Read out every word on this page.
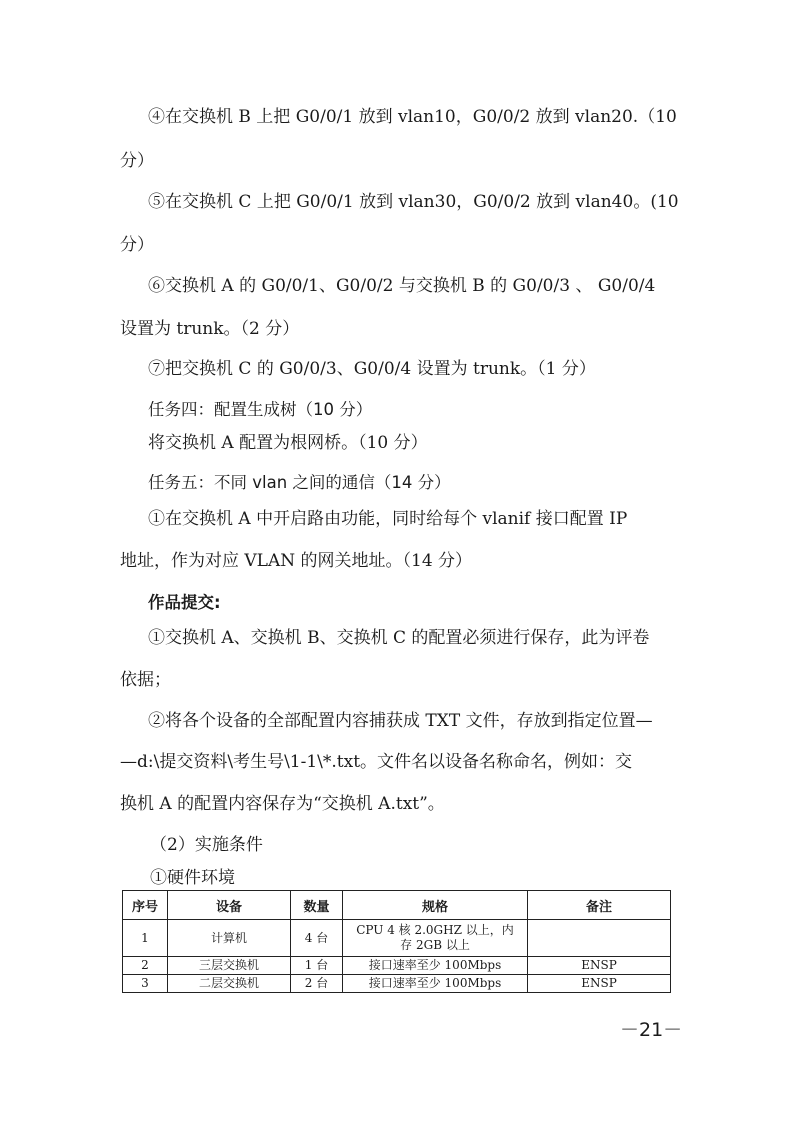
④在交换机 B 上把 G0/0/1 放到 vlan10，G0/0/2 放到 vlan20.（10
分）
⑤在交换机 C 上把 G0/0/1 放到 vlan30，G0/0/2 放到 vlan40。(10
分）
⑥交换机 A 的 G0/0/1、G0/0/2 与交换机 B 的 G0/0/3 、 G0/0/4
设置为 trunk。（2 分）
⑦把交换机 C 的 G0/0/3、G0/0/4 设置为 trunk。（1 分）
任务四：配置生成树（10 分）
将交换机 A 配置为根网桥。（10 分）
任务五：不同 vlan 之间的通信（14 分）
①在交换机 A 中开启路由功能，同时给每个 vlanif 接口配置 IP
地址，作为对应 VLAN 的网关地址。（14 分）
作品提交:
①交换机 A、交换机 B、交换机 C 的配置必须进行保存，此为评卷
依据；
②将各个设备的全部配置内容捕获成 TXT 文件，存放到指定位置—
—d:\提交资料\考生号\1-1\*.txt。文件名以设备名称命名，例如：交
换机 A 的配置内容保存为“交换机 A.txt”。
（2）实施条件
①硬件环境
序号	设备	数量	规格	备注
1	计算机	4 台	CPU 4 核 2.0GHZ 以上，内存 2GB 以上	
2	三层交换机	1 台	接口速率至少 100Mbps	ENSP
3	二层交换机	2 台	接口速率至少 100Mbps	ENSP
－21－
